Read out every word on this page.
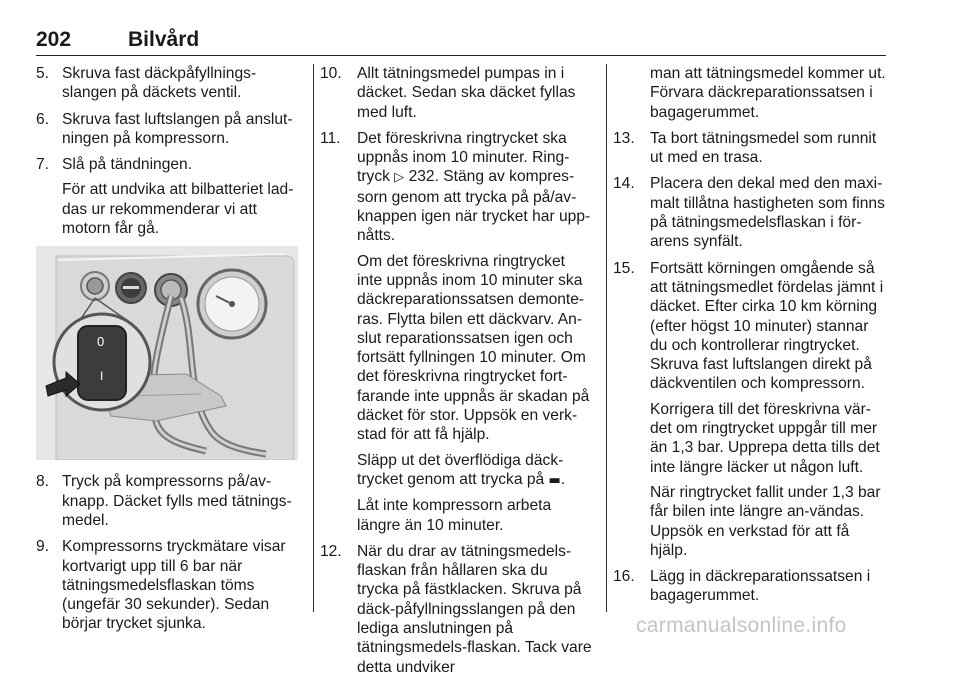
202	Bilvård
5. Skruva fast däckpåfyllnings-slangen på däckets ventil.
6. Skruva fast luftslangen på anslut-ningen på kompressorn.
7. Slå på tändningen.
För att undvika att bilbatteriet lad-das ur rekommenderar vi att motorn får gå.
0
I
8. Tryck på kompressorns på/av-knapp. Däcket fylls med tätnings-medel.
9. Kompressorns tryckmätare visar kortvarigt upp till 6 bar när tätningsmedelsflaskan töms (ungefär 30 sekunder). Sedan börjar trycket sjunka.
10. Allt tätningsmedel pumpas in i däcket. Sedan ska däcket fyllas med luft.
11. Det föreskrivna ringtrycket ska uppnås inom 10 minuter. Ring-tryck ▷ 232. Stäng av kompres-sorn genom att trycka på på/av-knappen igen när trycket har upp-nåtts.
Om det föreskrivna ringtrycket inte uppnås inom 10 minuter ska däckreparationssatsen demonte-ras. Flytta bilen ett däckvarv. An-slut reparationssatsen igen och fortsätt fyllningen 10 minuter. Om det föreskrivna ringtrycket fort-farande inte uppnås är skadan på däcket för stor. Uppsök en verk-stad för att få hjälp.
Släpp ut det överflödiga däck-trycket genom att trycka på ▬.
Låt inte kompressorn arbeta längre än 10 minuter.
12. När du drar av tätningsmedels-flaskan från hållaren ska du trycka på fästklacken. Skruva på däck-påfyllningsslangen på den lediga anslutningen på tätningsmedels-flaskan. Tack vare detta undviker
man att tätningsmedel kommer ut. Förvara däckreparationssatsen i bagagerummet.
13. Ta bort tätningsmedel som runnit ut med en trasa.
14. Placera den dekal med den maxi-malt tillåtna hastigheten som finns på tätningsmedelsflaskan i för-arens synfält.
15. Fortsätt körningen omgående så att tätningsmedlet fördelas jämnt i däcket. Efter cirka 10 km körning (efter högst 10 minuter) stannar du och kontrollerar ringtrycket. Skruva fast luftslangen direkt på däckventilen och kompressorn.
Korrigera till det föreskrivna vär-det om ringtrycket uppgår till mer än 1,3 bar. Upprepa detta tills det inte längre läcker ut någon luft.
När ringtrycket fallit under 1,3 bar får bilen inte längre an-vändas. Uppsök en verkstad för att få hjälp.
16. Lägg in däckreparationssatsen i bagagerummet.
carmanualsonline.info
